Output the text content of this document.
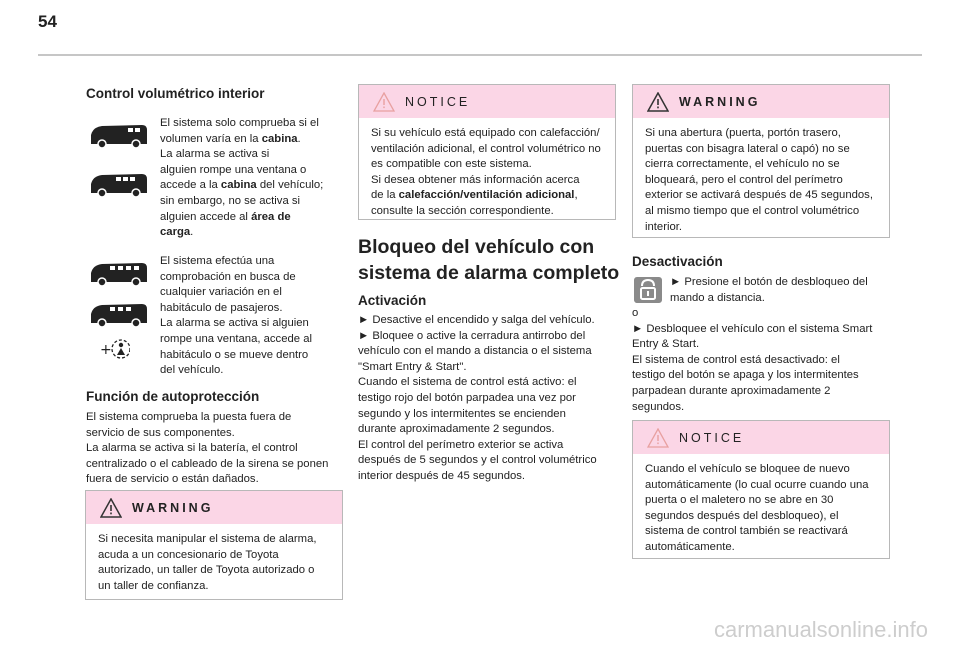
54
Control volumétrico interior
El sistema solo comprueba si el
volumen varía en la cabina.
La alarma se activa si
alguien rompe una ventana o
accede a la cabina del vehículo;
sin embargo, no se activa si
alguien accede al área de
carga.
+
El sistema efectúa una
comprobación en busca de
cualquier variación en el
habitáculo de pasajeros.
La alarma se activa si alguien
rompe una ventana, accede al
habitáculo o se mueve dentro
del vehículo.
Función de autoprotección

El sistema comprueba la puesta fuera de
servicio de sus componentes.
La alarma se activa si la batería, el control
centralizado o el cableado de la sirena se ponen
fuera de servicio o están dañados.

WARNING
Si necesita manipular el sistema de alarma,
acuda a un concesionario de Toyota
autorizado, un taller de Toyota autorizado o
un taller de confianza.
NOTICE
Si su vehículo está equipado con calefacción/
ventilación adicional, el control volumétrico no
es compatible con este sistema.
Si desea obtener más información acerca
de la calefacción/ventilación adicional,
consulte la sección correspondiente.
Bloqueo del vehículo con
sistema de alarma completo
Activación

► Desactive el encendido y salga del vehículo.
► Bloquee o active la cerradura antirrobo del
vehículo con el mando a distancia o el sistema
"Smart Entry & Start".
Cuando el sistema de control está activo: el
testigo rojo del botón parpadea una vez por
segundo y los intermitentes se encienden
durante aproximadamente 2 segundos.
El control del perímetro exterior se activa
después de 5 segundos y el control volumétrico
interior después de 45 segundos.

WARNING
Si una abertura (puerta, portón trasero,
puertas con bisagra lateral o capó) no se
cierra correctamente, el vehículo no se
bloqueará, pero el control del perímetro
exterior se activará después de 45 segundos,
al mismo tiempo que el control volumétrico
interior.
Desactivación

► Presione el botón de desbloqueo del
mando a distancia.

o
► Desbloquee el vehículo con el sistema Smart
Entry & Start.
El sistema de control está desactivado: el
testigo del botón se apaga y los intermitentes
parpadean durante aproximadamente 2
segundos.

NOTICE
Cuando el vehículo se bloquee de nuevo
automáticamente (lo cual ocurre cuando una
puerta o el maletero no se abre en 30
segundos después del desbloqueo), el
sistema de control también se reactivará
automáticamente.
carmanualsonline.info
